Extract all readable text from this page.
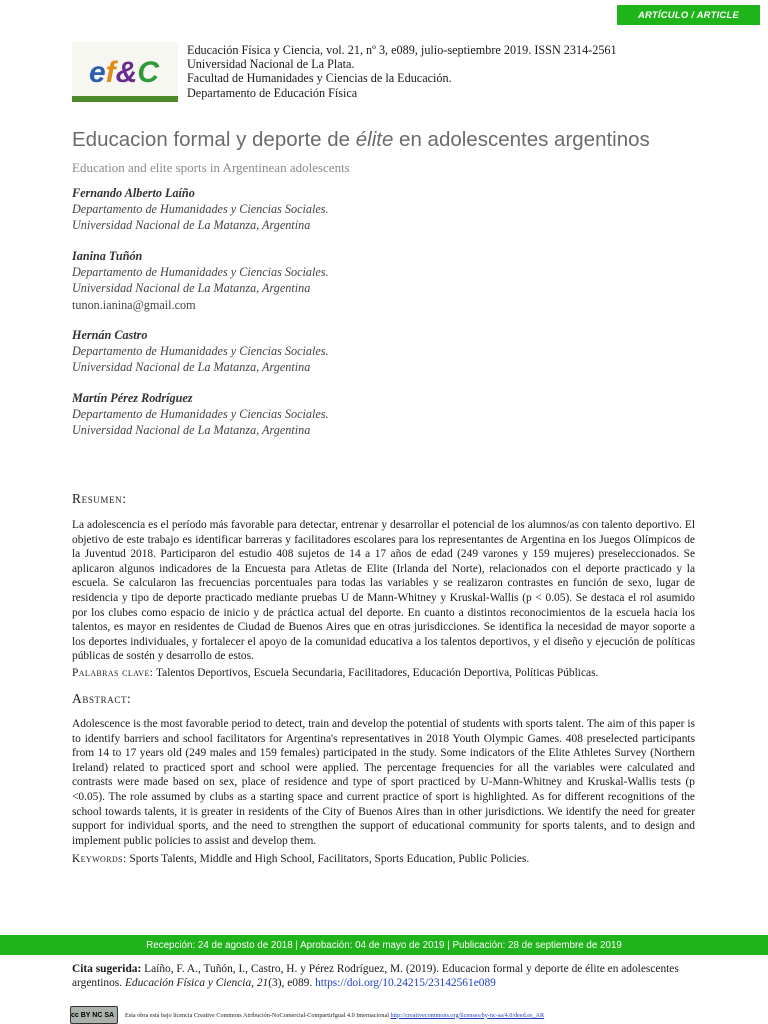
ARTÍCULO / ARTICLE
ef&C
Educación Física y Ciencia, vol. 21, nº 3, e089, julio-septiembre 2019. ISSN 2314-2561
Universidad Nacional de La Plata.
Facultad de Humanidades y Ciencias de la Educación.
Departamento de Educación Física
Educacion formal y deporte de élite en adolescentes argentinos
Education and elite sports in Argentinean adolescents
Fernando Alberto Laíño
Departamento de Humanidades y Ciencias Sociales.
Universidad Nacional de La Matanza, Argentina
Ianina Tuñón
Departamento de Humanidades y Ciencias Sociales.
Universidad Nacional de La Matanza, Argentina
tunon.ianina@gmail.com
Hernán Castro
Departamento de Humanidades y Ciencias Sociales.
Universidad Nacional de La Matanza, Argentina
Martín Pérez Rodríguez
Departamento de Humanidades y Ciencias Sociales.
Universidad Nacional de La Matanza, Argentina
Resumen:
La adolescencia es el período más favorable para detectar, entrenar y desarrollar el potencial de los alumnos/as con talento deportivo. El objetivo de este trabajo es identificar barreras y facilitadores escolares para los representantes de Argentina en los Juegos Olímpicos de la Juventud 2018. Participaron del estudio 408 sujetos de 14 a 17 años de edad (249 varones y 159 mujeres) preseleccionados. Se aplicaron algunos indicadores de la Encuesta para Atletas de Elite (Irlanda del Norte), relacionados con el deporte practicado y la escuela. Se calcularon las frecuencias porcentuales para todas las variables y se realizaron contrastes en función de sexo, lugar de residencia y tipo de deporte practicado mediante pruebas U de Mann-Whitney y Kruskal-Wallis (p < 0.05). Se destaca el rol asumido por los clubes como espacio de inicio y de práctica actual del deporte. En cuanto a distintos reconocimientos de la escuela hacia los talentos, es mayor en residentes de Ciudad de Buenos Aires que en otras jurisdicciones. Se identifica la necesidad de mayor soporte a los deportes individuales, y fortalecer el apoyo de la comunidad educativa a los talentos deportivos, y el diseño y ejecución de políticas públicas de sostén y desarrollo de estos.
Palabras clave: Talentos Deportivos, Escuela Secundaria, Facilitadores, Educación Deportiva, Políticas Públicas.
Abstract:
Adolescence is the most favorable period to detect, train and develop the potential of students with sports talent. The aim of this paper is to identify barriers and school facilitators for Argentina's representatives in 2018 Youth Olympic Games. 408 preselected participants from 14 to 17 years old (249 males and 159 females) participated in the study. Some indicators of the Elite Athletes Survey (Northern Ireland) related to practiced sport and school were applied. The percentage frequencies for all the variables were calculated and contrasts were made based on sex, place of residence and type of sport practiced by U-Mann-Whitney and Kruskal-Wallis tests (p <0.05). The role assumed by clubs as a starting space and current practice of sport is highlighted. As for different recognitions of the school towards talents, it is greater in residents of the City of Buenos Aires than in other jurisdictions. We identify the need for greater support for individual sports, and the need to strengthen the support of educational community for sports talents, and to design and implement public policies to assist and develop them.
Keywords: Sports Talents, Middle and High School, Facilitators, Sports Education, Public Policies.
Recepción: 24 de agosto de 2018 | Aprobación: 04 de mayo de 2019 | Publicación: 28 de septiembre de 2019
Cita sugerida: Laíño, F. A., Tuñón, I., Castro, H. y Pérez Rodríguez, M. (2019). Educacion formal y deporte de élite en adolescentes argentinos. Educación Física y Ciencia, 21(3), e089. https://doi.org/10.24215/23142561e089
cc BY NC SA Esta obra está bajo licencia Creative Commons Atribución-NoComercial-CompartirIgual 4.0 Internacional http://creativecommons.org/licenses/by-nc-sa/4.0/deed.es_AR
